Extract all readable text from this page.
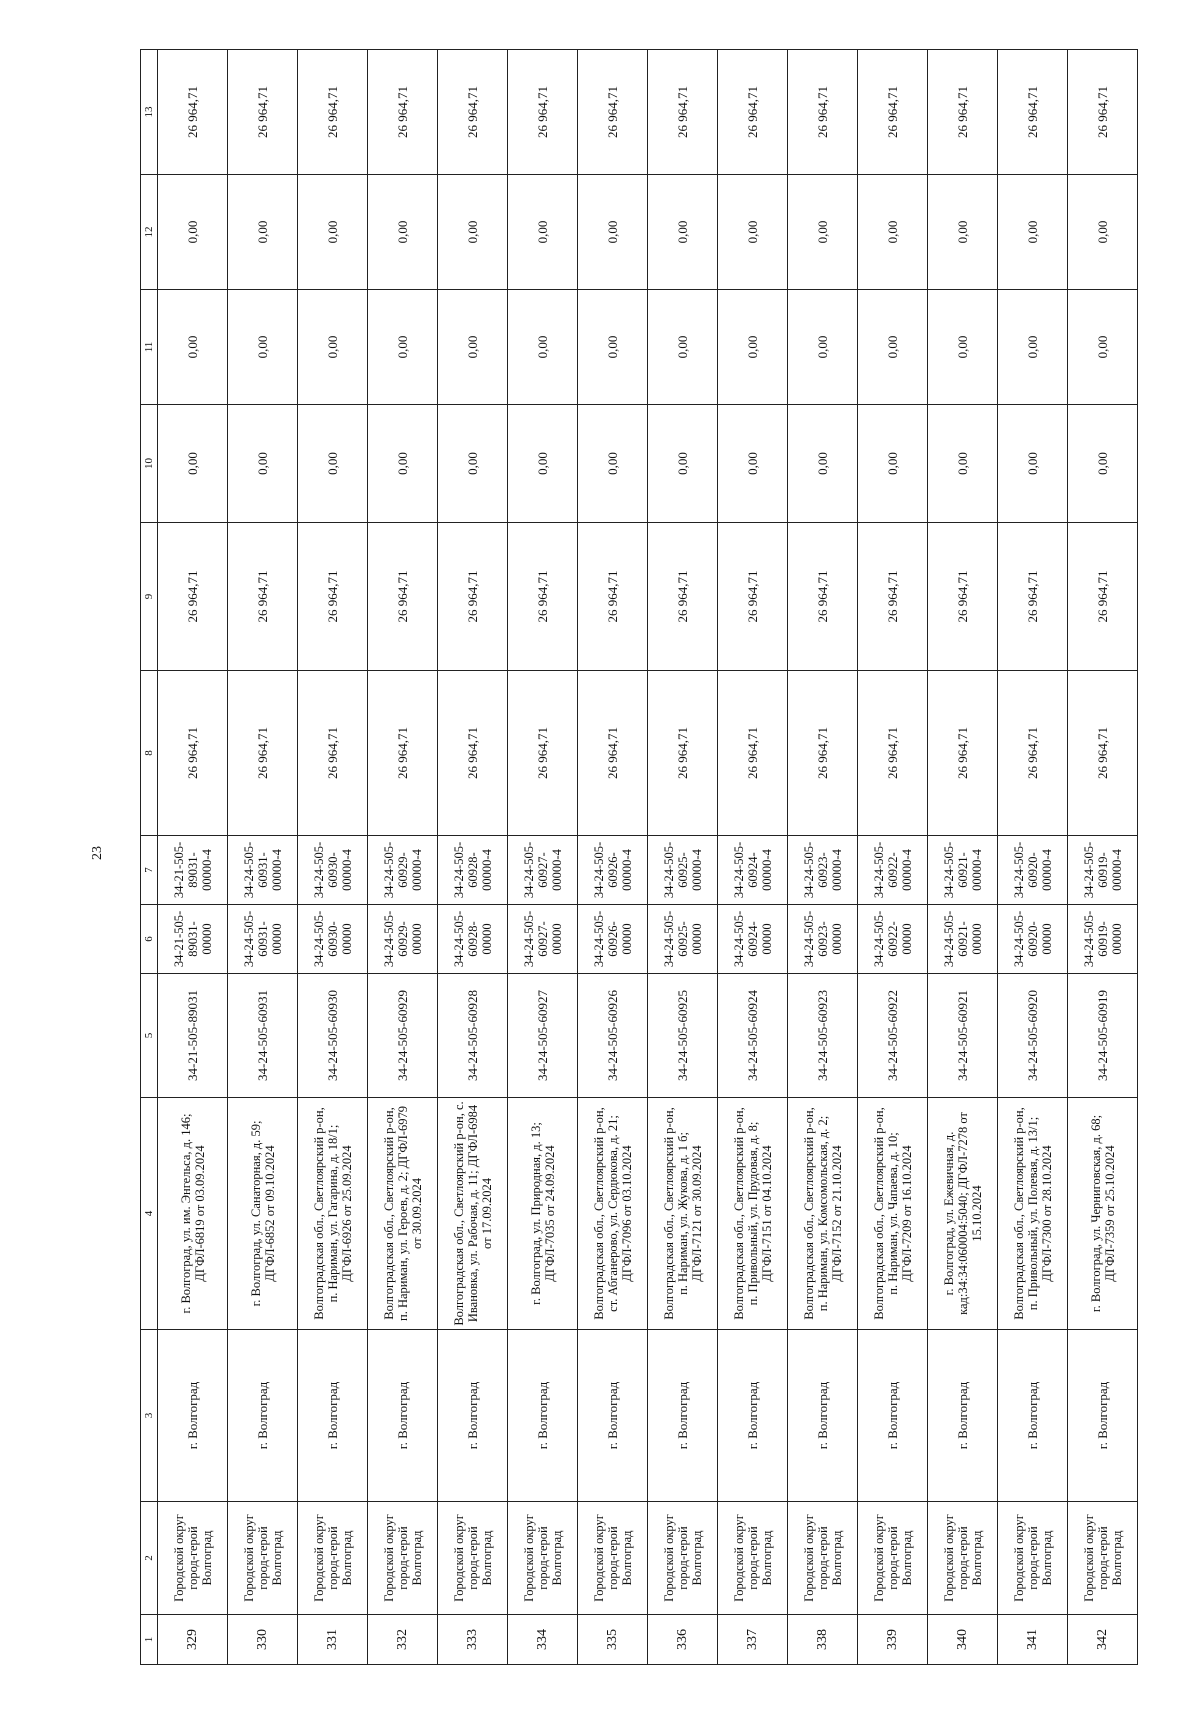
23
1	2	3	4	5	6	7	8	9	10	11	12	13
329	Городской округ город-герой Волгоград	г. Волгоград	г. Волгоград, ул. им. Энгельса, д. 146; ДГФЛ-6819 от 03.09.2024	34-21-505-89031	34-21-505-89031-00000	34-21-505-89031-00000-4	26 964,71	26 964,71	0,00	0,00	0,00	26 964,71
330	Городской округ город-герой Волгоград	г. Волгоград	г. Волгоград, ул. Санаторная, д. 59; ДГФЛ-6852 от 09.10.2024	34-24-505-60931	34-24-505-60931-00000	34-24-505-60931-00000-4	26 964,71	26 964,71	0,00	0,00	0,00	26 964,71
331	Городской округ город-герой Волгоград	г. Волгоград	Волгоградская обл., Светлоярский р-он, п. Нариман, ул. Гагарина, д. 18/1; ДГФЛ-6926 от 25.09.2024	34-24-505-60930	34-24-505-60930-00000	34-24-505-60930-00000-4	26 964,71	26 964,71	0,00	0,00	0,00	26 964,71
332	Городской округ город-герой Волгоград	г. Волгоград	Волгоградская обл., Светлоярский р-он, п. Нариман, ул. Героев, д. 2; ДГФЛ-6979 от 30.09.2024	34-24-505-60929	34-24-505-60929-00000	34-24-505-60929-00000-4	26 964,71	26 964,71	0,00	0,00	0,00	26 964,71
333	Городской округ город-герой Волгоград	г. Волгоград	Волгоградская обл., Светлоярский р-он, с. Ивановка, ул. Рабочая, д. 11; ДГФЛ-6984 от 17.09.2024	34-24-505-60928	34-24-505-60928-00000	34-24-505-60928-00000-4	26 964,71	26 964,71	0,00	0,00	0,00	26 964,71
334	Городской округ город-герой Волгоград	г. Волгоград	г. Волгоград, ул. Природная, д. 13; ДГФЛ-7035 от 24.09.2024	34-24-505-60927	34-24-505-60927-00000	34-24-505-60927-00000-4	26 964,71	26 964,71	0,00	0,00	0,00	26 964,71
335	Городской округ город-герой Волгоград	г. Волгоград	Волгоградская обл., Светлоярский р-он, ст. Абганерово, ул. Сердюкова, д. 21; ДГФЛ-7096 от 03.10.2024	34-24-505-60926	34-24-505-60926-00000	34-24-505-60926-00000-4	26 964,71	26 964,71	0,00	0,00	0,00	26 964,71
336	Городской округ город-герой Волгоград	г. Волгоград	Волгоградская обл., Светлоярский р-он, п. Нариман, ул. Жукова, д. 1 б; ДГФЛ-7121 от 30.09.2024	34-24-505-60925	34-24-505-60925-00000	34-24-505-60925-00000-4	26 964,71	26 964,71	0,00	0,00	0,00	26 964,71
337	Городской округ город-герой Волгоград	г. Волгоград	Волгоградская обл., Светлоярский р-он, п. Привольный, ул. Прудовая, д. 8; ДГФЛ-7151 от 04.10.2024	34-24-505-60924	34-24-505-60924-00000	34-24-505-60924-00000-4	26 964,71	26 964,71	0,00	0,00	0,00	26 964,71
338	Городской округ город-герой Волгоград	г. Волгоград	Волгоградская обл., Светлоярский р-он, п. Нариман, ул. Комсомольская, д. 2; ДГФЛ-7152 от 21.10.2024	34-24-505-60923	34-24-505-60923-00000	34-24-505-60923-00000-4	26 964,71	26 964,71	0,00	0,00	0,00	26 964,71
339	Городской округ город-герой Волгоград	г. Волгоград	Волгоградская обл., Светлоярский р-он, п. Нариман, ул. Чапаева, д. 10; ДГФЛ-7209 от 16.10.2024	34-24-505-60922	34-24-505-60922-00000	34-24-505-60922-00000-4	26 964,71	26 964,71	0,00	0,00	0,00	26 964,71
340	Городской округ город-герой Волгоград	г. Волгоград	г. Волгоград, ул. Ежевичная, д. кад:34:34:060004:5040; ДГФЛ-7278 от 15.10.2024	34-24-505-60921	34-24-505-60921-00000	34-24-505-60921-00000-4	26 964,71	26 964,71	0,00	0,00	0,00	26 964,71
341	Городской округ город-герой Волгоград	г. Волгоград	Волгоградская обл., Светлоярский р-он, п. Привольный, ул. Полевая, д. 13/1; ДГФЛ-7300 от 28.10.2024	34-24-505-60920	34-24-505-60920-00000	34-24-505-60920-00000-4	26 964,71	26 964,71	0,00	0,00	0,00	26 964,71
342	Городской округ город-герой Волгоград	г. Волгоград	г. Волгоград, ул. Черниговская, д. 68; ДГФЛ-7359 от 25.10.2024	34-24-505-60919	34-24-505-60919-00000	34-24-505-60919-00000-4	26 964,71	26 964,71	0,00	0,00	0,00	26 964,71
